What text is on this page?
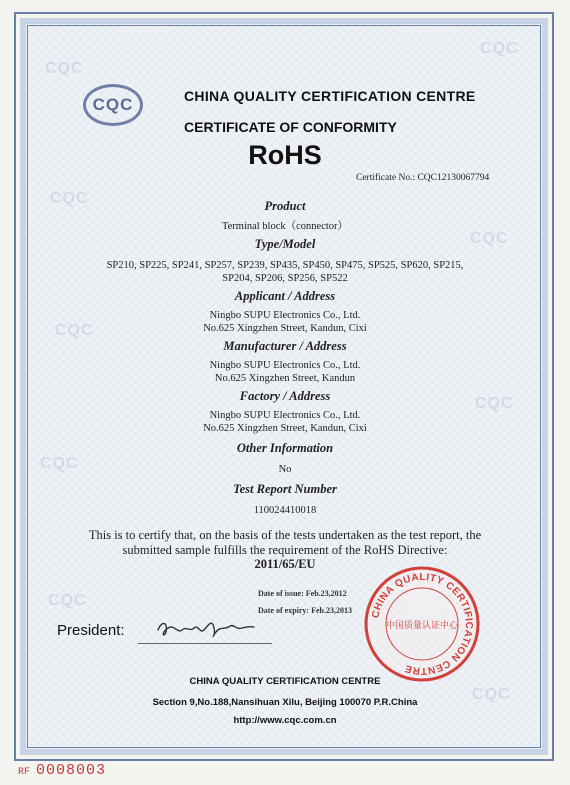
CQC
CQC
CQC
CQC
CQC
CQC
CQC
CQC
CQC
CQC	CHINA QUALITY CERTIFICATION CENTRE
CERTIFICATE OF CONFORMITY
RoHS
Certificate No.: CQC12130067794
Product
Terminal block（connector）
Type/Model
SP210, SP225, SP241, SP257, SP239, SP435, SP450, SP475, SP525, SP620, SP215,
SP204, SP206, SP256, SP522
Applicant / Address
Ningbo SUPU Electronics Co., Ltd.
No.625 Xingzhen Street, Kandun, Cixi
Manufacturer / Address
Ningbo SUPU Electronics Co., Ltd.
No.625 Xingzhen Street, Kandun
Factory / Address
Ningbo SUPU Electronics Co., Ltd.
No.625 Xingzhen Street, Kandun, Cixi
Other Information
No
Test Report Number
110024410018
This is to certify that, on the basis of the tests undertaken as the test report, the
submitted sample fulfills the requirement of the RoHS Directive:
2011/65/EU
Date of issue: Feb.23,2012
Date of expiry: Feb.23,2013
President:
CHINA QUALITY CERTIFICATION CENTRE
中国质量认证中心
CHINA QUALITY CERTIFICATION CENTRE
Section 9,No.188,Nansihuan Xilu, Beijing 100070 P.R.China
http://www.cqc.com.cn
RF 0008003
